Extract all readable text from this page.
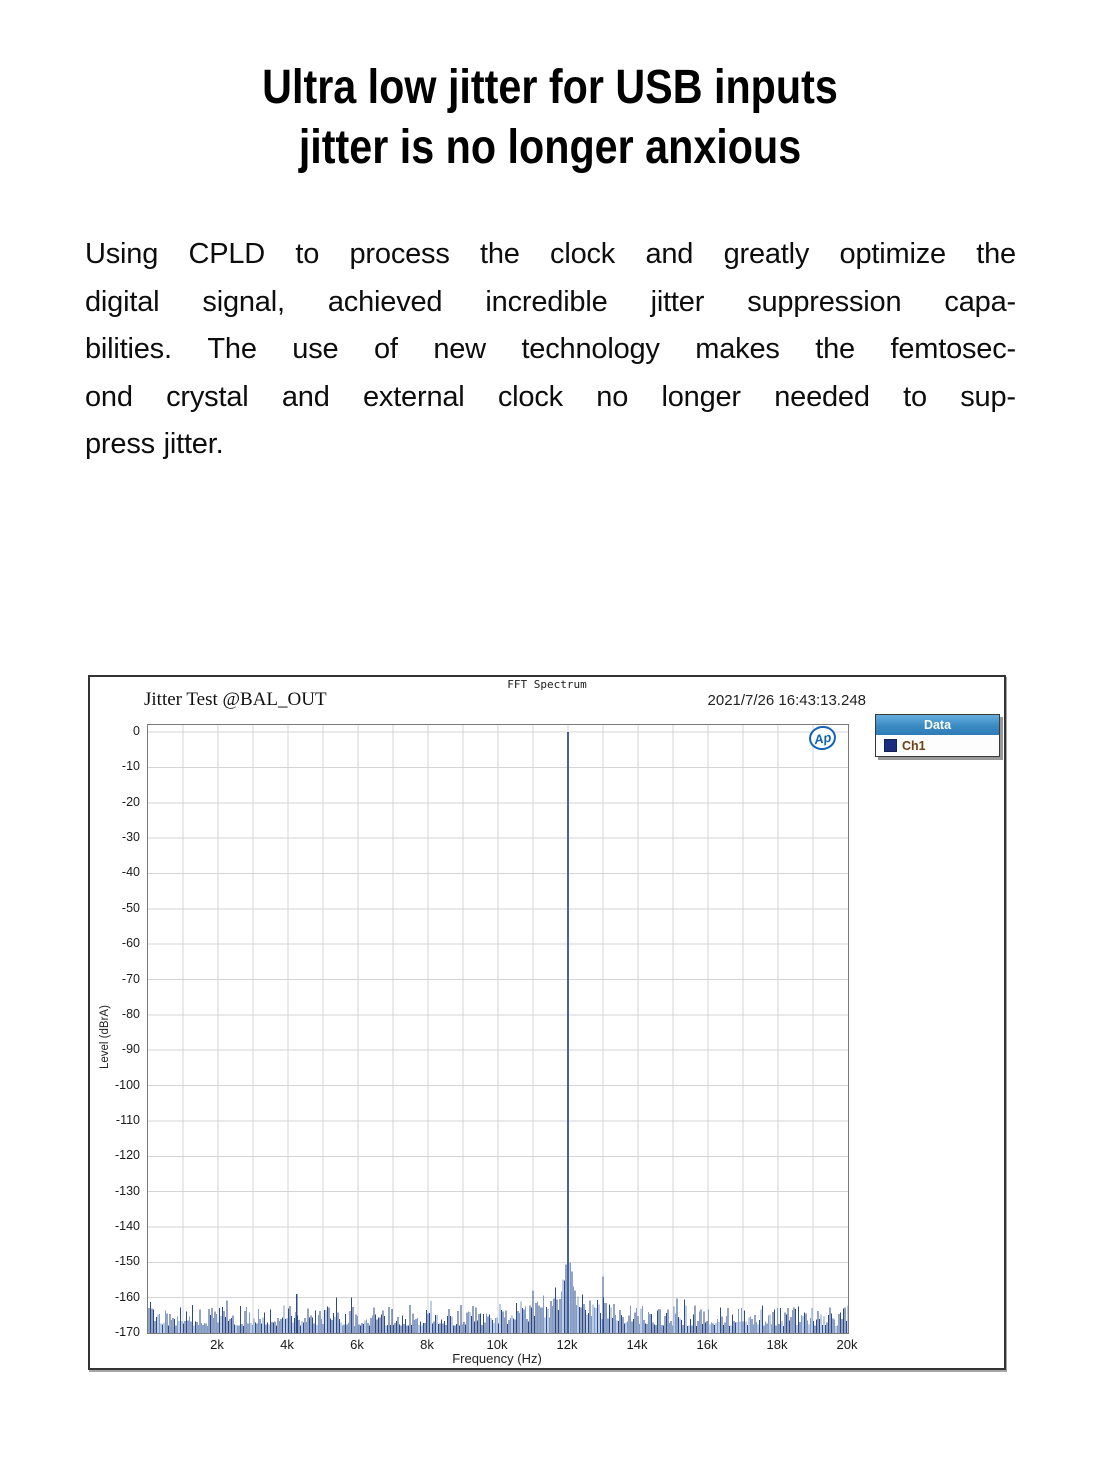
Ultra low jitter for USB inputs
jitter is no longer anxious
Using CPLD to process the clock and greatly optimize the
digital signal, achieved incredible jitter suppression capa-
bilities. The use of new technology makes the femtosec-
ond crystal and external clock no longer needed to sup-
press jitter.
FFT Spectrum
Jitter Test @BAL_OUT	2021/7/26 16:43:13.248
Level (dBrA)
Ap
Frequency (Hz)
Data
Ch1
0
-10
-20
-30
-40
-50
-60
-70
-80
-90
-100
-110
-120
-130
-140
-150
-160
-170
2k	4k	6k	8k	10k	12k	14k	16k	18k	20k
